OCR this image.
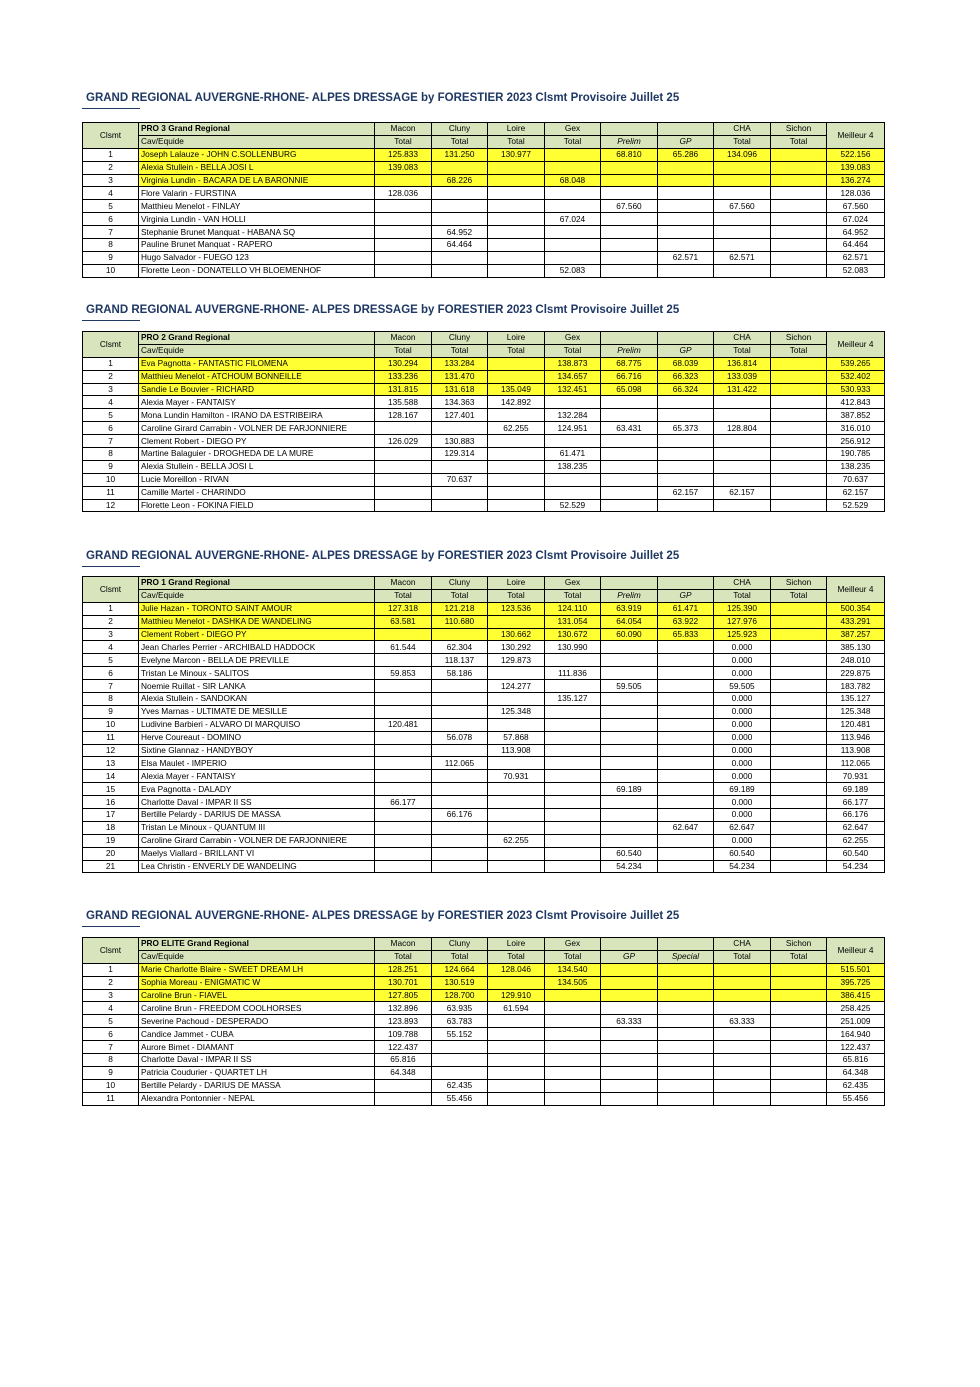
GRAND REGIONAL AUVERGNE-RHONE- ALPES DRESSAGE by FORESTIER 2023 Clsmt Provisoire Juillet 25
Clsmt	PRO 3 Grand Regional	Macon	Cluny	Loire	Gex			CHA	Sichon	Meilleur 4
	Cav/Equide	Total	Total	Total	Total	Prelim	GP	Total	Total	
1	Joseph Lalauze - JOHN C.SOLLENBURG	125.833	131.250	130.977		68.810	65.286	134.096		522.156
2	Alexia Stullein - BELLA JOSI L	139.083								139.083
3	Virginia Lundin - BACARA DE LA BARONNIE		68.226		68.048					136.274
4	Flore Valarin - FURSTINA	128.036								128.036
5	Matthieu Menelot - FINLAY					67.560		67.560		67.560
6	Virginia Lundin - VAN HOLLI				67.024					67.024
7	Stephanie Brunet Manquat - HABANA SQ		64.952							64.952
8	Pauline Brunet Manquat - RAPERO		64.464							64.464
9	Hugo Salvador - FUEGO 123						62.571	62.571		62.571
10	Florette Leon - DONATELLO VH BLOEMENHOF				52.083					52.083
GRAND REGIONAL AUVERGNE-RHONE- ALPES DRESSAGE by FORESTIER 2023 Clsmt Provisoire Juillet 25
Clsmt	PRO 2 Grand Regional	Macon	Cluny	Loire	Gex			CHA	Sichon	Meilleur 4
	Cav/Equide	Total	Total	Total	Total	Prelim	GP	Total	Total	
1	Eva Pagnotta - FANTASTIC FILOMENA	130.294	133.284		138.873	68.775	68.039	136.814		539.265
2	Matthieu Menelot - ATCHOUM BONNEILLE	133.236	131.470		134.657	66.716	66.323	133.039		532.402
3	Sandie Le Bouvier - RICHARD	131.815	131.618	135.049	132.451	65.098	66.324	131.422		530.933
4	Alexia Mayer - FANTAISY	135.588	134.363	142.892						412.843
5	Mona Lundin Hamilton - IRANO DA ESTRIBEIRA	128.167	127.401		132.284					387.852
6	Caroline Girard Carrabin - VOLNER DE FARJONNIERE			62.255	124.951	63.431	65.373	128.804		316.010
7	Clement Robert - DIEGO PY	126.029	130.883							256.912
8	Martine Balaguier - DROGHEDA DE LA MURE		129.314		61.471					190.785
9	Alexia Stullein - BELLA JOSI L				138.235					138.235
10	Lucie Moreillon - RIVAN		70.637							70.637
11	Camille Martel - CHARINDO						62.157	62.157		62.157
12	Florette Leon - FOKINA FIELD				52.529					52.529
GRAND REGIONAL AUVERGNE-RHONE- ALPES DRESSAGE by FORESTIER 2023 Clsmt Provisoire Juillet 25
Clsmt	PRO 1 Grand Regional	Macon	Cluny	Loire	Gex			CHA	Sichon	Meilleur 4
	Cav/Equide	Total	Total	Total	Total	Prelim	GP	Total	Total	
1	Julie Hazan - TORONTO SAINT AMOUR	127.318	121.218	123.536	124.110	63.919	61.471	125.390		500.354
2	Matthieu Menelot - DASHKA DE WANDELING	63.581	110.680		131.054	64.054	63.922	127.976		433.291
3	Clement Robert - DIEGO PY			130.662	130.672	60.090	65.833	125.923		387.257
4	Jean Charles Perrier - ARCHIBALD HADDOCK	61.544	62.304	130.292	130.990			0.000		385.130
5	Evelyne Marcon - BELLA DE PREVILLE		118.137	129.873				0.000		248.010
6	Tristan Le Minoux - SALITOS	59.853	58.186		111.836			0.000		229.875
7	Noemie Ruillat - SIR LANKA			124.277		59.505		59.505		183.782
8	Alexia Stullein - SANDOKAN				135.127			0.000		135.127
9	Yves Marnas - ULTIMATE DE MESILLE			125.348				0.000		125.348
10	Ludivine Barbieri - ALVARO DI MARQUISO	120.481						0.000		120.481
11	Herve Coureaut - DOMINO		56.078	57.868				0.000		113.946
12	Sixtine Glannaz - HANDYBOY			113.908				0.000		113.908
13	Elsa Maulet - IMPERIO		112.065					0.000		112.065
14	Alexia Mayer - FANTAISY			70.931				0.000		70.931
15	Eva Pagnotta - DALADY					69.189		69.189		69.189
16	Charlotte Daval - IMPAR II SS	66.177						0.000		66.177
17	Bertille Pelardy - DARIUS DE MASSA		66.176					0.000		66.176
18	Tristan Le Minoux - QUANTUM III						62.647	62.647		62.647
19	Caroline Girard Carrabin - VOLNER DE FARJONNIERE			62.255				0.000		62.255
20	Maelys Viallard - BRILLANT VI					60.540		60.540		60.540
21	Lea Christin - ENVERLY DE WANDELING					54.234		54.234		54.234
GRAND REGIONAL AUVERGNE-RHONE- ALPES DRESSAGE by FORESTIER 2023 Clsmt Provisoire Juillet 25
Clsmt	PRO ELITE Grand Regional	Macon	Cluny	Loire	Gex			CHA	Sichon	Meilleur 4
	Cav/Equide	Total	Total	Total	Total	GP	Special	Total	Total	
1	Marie Charlotte Blaire - SWEET DREAM LH	128.251	124.664	128.046	134.540					515.501
2	Sophia Moreau - ENIGMATIC W	130.701	130.519		134.505					395.725
3	Caroline Brun - FIAVEL	127.805	128.700	129.910						386.415
4	Caroline Brun - FREEDOM COOLHORSES	132.896	63.935	61.594						258.425
5	Severine Pachoud - DESPERADO	123.893	63.783			63.333		63.333		251.009
6	Candice Jammet - CUBA	109.788	55.152							164.940
7	Aurore Bimet - DIAMANT	122.437								122.437
8	Charlotte Daval - IMPAR II SS	65.816								65.816
9	Patricia Coudurier - QUARTET LH	64.348								64.348
10	Bertille Pelardy - DARIUS DE MASSA		62.435							62.435
11	Alexandra Pontonnier - NEPAL		55.456							55.456
